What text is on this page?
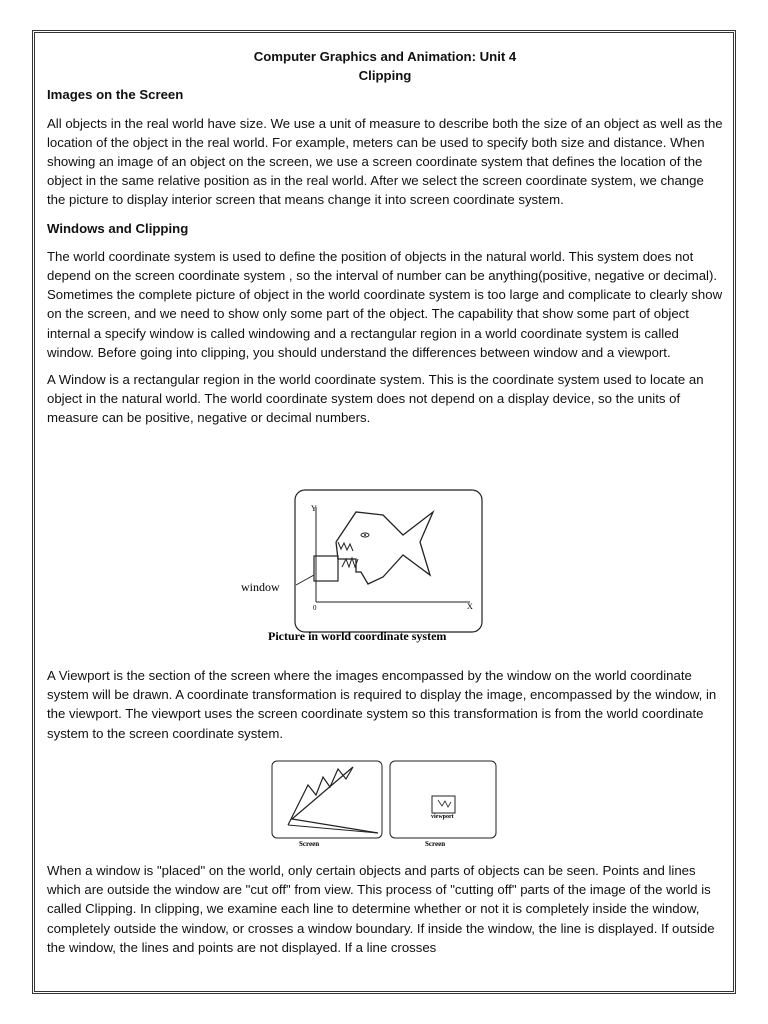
Computer Graphics and Animation: Unit 4

Clipping

Images on the Screen

All objects in the real world have size. We use a unit of measure to describe both the size of an object as well as the location of the object in the real world. For example, meters can be used to specify both size and distance. When showing an image of an object on the screen, we use a screen coordinate system that defines the location of the object in the same relative position as in the real world. After we select the screen coordinate system, we change the picture to display interior screen that means change it into screen coordinate system.

Windows and Clipping

The world coordinate system is used to define the position of objects in the natural world. This system does not depend on the screen coordinate system , so the interval of number can be anything(positive, negative or decimal). Sometimes the complete picture of object in the world coordinate system is too large and complicate to clearly show on the screen, and we need to show only some part of the object. The capability that show some part of object internal a specify window is called windowing and a rectangular region in a world coordinate system is called window. Before going into clipping, you should understand the differences between window and a viewport.

A Window is a rectangular region in the world coordinate system. This is the coordinate system used to locate an object in the natural world. The world coordinate system does not depend on a display device, so the units of measure can be positive, negative or decimal numbers.

Y
X
0
window
Picture in world coordinate system

A Viewport is the section of the screen where the images encompassed by the window on the world coordinate system will be drawn. A coordinate transformation is required to display the image, encompassed by the window, in the viewport. The viewport uses the screen coordinate system so this transformation is from the world coordinate system to the screen coordinate system.

Screen
viewport
Screen

When a window is "placed" on the world, only certain objects and parts of objects can be seen. Points and lines which are outside the window are "cut off" from view. This process of "cutting off" parts of the image of the world is called Clipping. In clipping, we examine each line to determine whether or not it is completely inside the window, completely outside the window, or crosses a window boundary. If inside the window, the line is displayed. If outside the window, the lines and points are not displayed. If a line crosses
